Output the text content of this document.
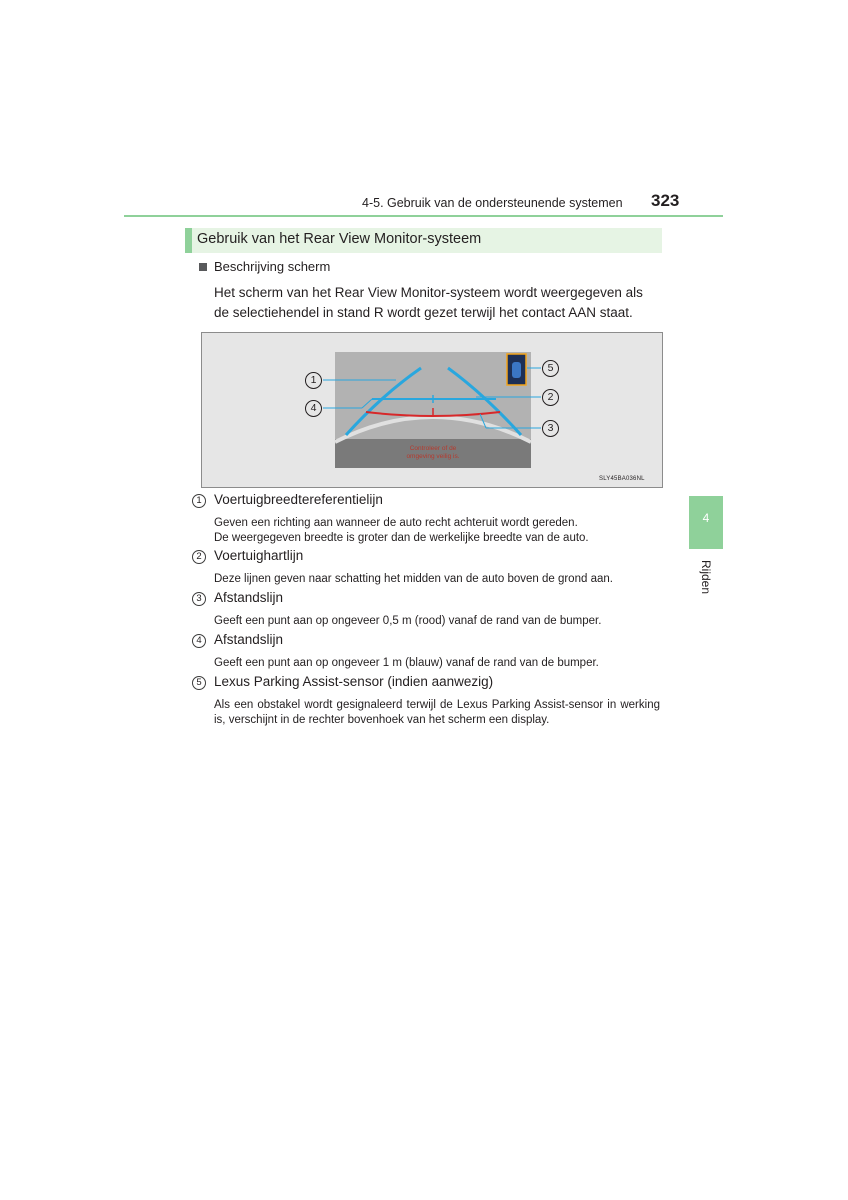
4-5. Gebruik van de ondersteunende systemen 323
Gebruik van het Rear View Monitor-systeem
Beschrijving scherm
Het scherm van het Rear View Monitor-systeem wordt weergegeven als de selectiehendel in stand R wordt gezet terwijl het contact AAN staat.
Controleer of de
omgeving veilig is.
1
4
5
2
3
SLY45BA036NL
1 Voertuigbreedtereferentielijn
Geven een richting aan wanneer de auto recht achteruit wordt gereden.
De weergegeven breedte is groter dan de werkelijke breedte van de auto.
2 Voertuighartlijn
Deze lijnen geven naar schatting het midden van de auto boven de grond aan.
3 Afstandslijn
Geeft een punt aan op ongeveer 0,5 m (rood) vanaf de rand van de bumper.
4 Afstandslijn
Geeft een punt aan op ongeveer 1 m (blauw) vanaf de rand van de bumper.
5 Lexus Parking Assist-sensor (indien aanwezig)
Als een obstakel wordt gesignaleerd terwijl de Lexus Parking Assist-sensor in werking is, verschijnt in de rechter bovenhoek van het scherm een display.
4
Rijden
